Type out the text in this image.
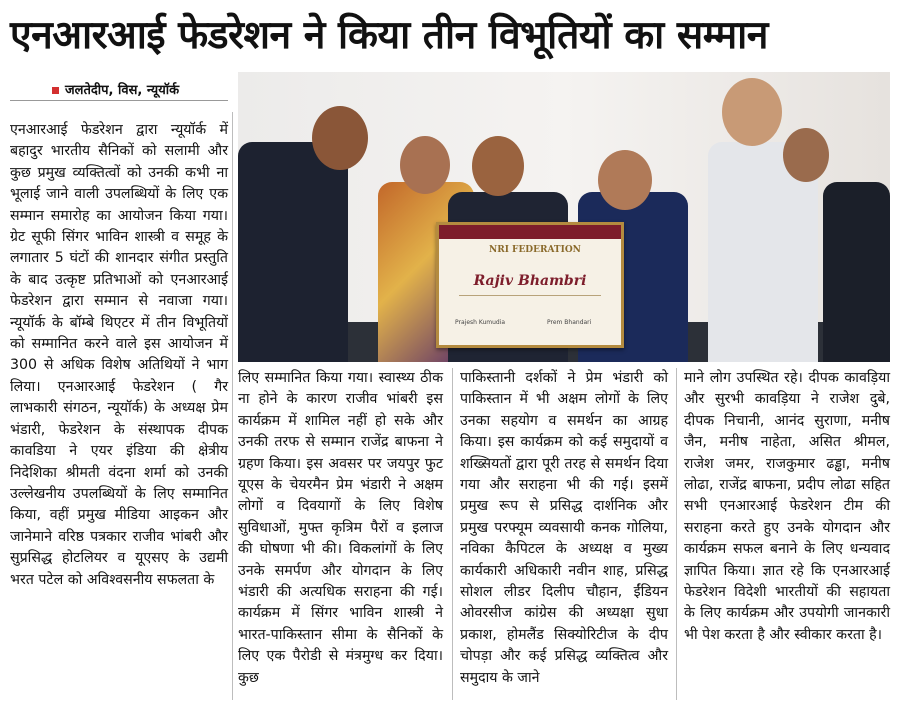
एनआरआई फेडरेशन ने किया तीन विभूतियों का सम्मान
जलतेदीप, विस, न्यूयॉर्क
NRI FEDERATION
Rajiv Bhambri
Prajesh Kumudia	Prem Bhandari

एनआरआई फेडरेशन द्वारा न्यूयॉर्क में बहादुर भारतीय सैनिकों को सलामी और कुछ प्रमुख व्यक्तित्वों को उनकी कभी ना भूलाई जाने वाली उपलब्धियों के लिए एक सम्मान समारोह का आयोजन किया गया। ग्रेट सूफी सिंगर भाविन शास्त्री व समूह के लगातार 5 घंटों की शानदार संगीत प्रस्तुति के बाद उत्कृष्ट प्रतिभाओं को एनआरआई फेडरेशन द्वारा सम्मान से नवाजा गया। न्यूयॉर्क के बॉम्बे थिएटर में तीन विभूतियों को सम्मानित करने वाले इस आयोजन में 300 से अधिक विशेष अतिथियों ने भाग लिया। एनआरआई फेडरेशन ( गैर लाभकारी संगठन, न्यूयॉर्क) के अध्यक्ष प्रेम भंडारी, फेडरेशन के संस्थापक दीपक कावडिया ने एयर इंडिया की क्षेत्रीय निदेशिका श्रीमती वंदना शर्मा को उनकी उल्लेखनीय उपलब्धियों के लिए सम्मानित किया, वहीं प्रमुख मीडिया आइकन और जानेमाने वरिष्ठ पत्रकार राजीव भांबरी और सुप्रसिद्ध होटलियर व यूएसए के उद्यमी भरत पटेल को अविश्वसनीय सफलता के

लिए सम्मानित किया गया। स्वास्थ्य ठीक ना होने के कारण राजीव भांबरी इस कार्यक्रम में शामिल नहीं हो सके और उनकी तरफ से सम्मान राजेंद्र बाफना ने ग्रहण किया। इस अवसर पर जयपुर फुट यूएस के चेयरमैन प्रेम भंडारी ने अक्षम लोगों व दिवयागों के लिए विशेष सुविधाओं, मुफ्त कृत्रिम पैरों व इलाज की घोषणा भी की। विकलांगों के लिए उनके समर्पण और योगदान के लिए भंडारी की अत्यधिक सराहना की गई। कार्यक्रम में सिंगर भाविन शास्त्री ने भारत-पाकिस्तान सीमा के सैनिकों के लिए एक पैरोडी से मंत्रमुग्ध कर दिया। कुछ

पाकिस्तानी दर्शकों ने प्रेम भंडारी को पाकिस्तान में भी अक्षम लोगों के लिए उनका सहयोग व समर्थन का आग्रह किया। इस कार्यक्रम को कई समुदायों व शख्सियतों द्वारा पूरी तरह से समर्थन दिया गया और सराहना भी की गई। इसमें प्रमुख रूप से प्रसिद्ध दार्शनिक और प्रमुख परफ्यूम व्यवसायी कनक गोलिया, नविका कैपिटल के अध्यक्ष व मुख्य कार्यकारी अधिकारी नवीन शाह, प्रसिद्ध सोशल लीडर दिलीप चौहान, ईंडियन ओवरसीज कांग्रेस की अध्यक्षा सुधा प्रकाश, होमलैंड सिक्योरिटीज के दीप चोपड़ा और कई प्रसिद्ध व्यक्तित्व और समुदाय के जाने

माने लोग उपस्थित रहे। दीपक कावड़िया और सुरभी कावड़िया ने राजेश दुबे, दीपक निचानी, आनंद सुराणा, मनीष जैन, मनीष नाहेता, असित श्रीमल, राजेश जमर, राजकुमार ढड्ढा, मनीष लोढा, राजेंद्र बाफना, प्रदीप लोढा सहित सभी एनआरआई फेडरेशन टीम की सराहना करते हुए उनके योगदान और कार्यक्रम सफल बनाने के लिए धन्यवाद ज्ञापित किया। ज्ञात रहे कि एनआरआई फेडरेशन विदेशी भारतीयों की सहायता के लिए कार्यक्रम और उपयोगी जानकारी भी पेश करता है और स्वीकार करता है।
